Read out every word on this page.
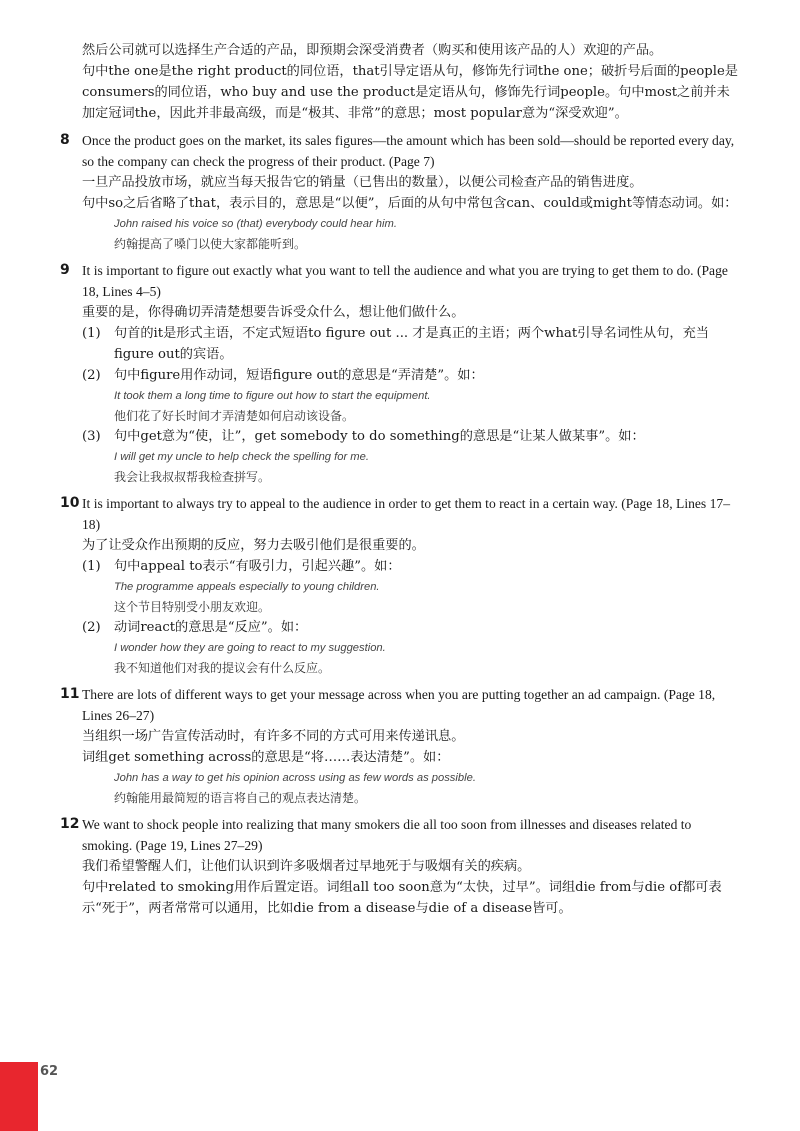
然后公司就可以选择生产合适的产品，即预期会深受消费者（购买和使用该产品的人）欢迎的产品。

句中the one是the right product的同位语，that引导定语从句，修饰先行词the one；破折号后面的people是consumers的同位语，who buy and use the product是定语从句，修饰先行词people。句中most之前并未加定冠词the，因此并非最高级，而是“极其、非常”的意思；most popular意为“深受欢迎”。

8 Once the product goes on the market, its sales figures—the amount which has been sold—should be reported every day, so the company can check the progress of their product. (Page 7)

一旦产品投放市场，就应当每天报告它的销量（已售出的数量），以便公司检查产品的销售进度。

句中so之后省略了that，表示目的，意思是“以便”，后面的从句中常包含can、could或might等情态动词。如：

John raised his voice so (that) everybody could hear him.

约翰提高了嗓门以使大家都能听到。

9 It is important to figure out exactly what you want to tell the audience and what you are trying to get them to do. (Page 18, Lines 4–5)

重要的是，你得确切弄清楚想要告诉受众什么，想让他们做什么。

(1)	句首的it是形式主语，不定式短语to figure out ... 才是真正的主语；两个what引导名词性从句，充当figure out的宾语。
(2)	句中figure用作动词，短语figure out的意思是“弄清楚”。如：

It took them a long time to figure out how to start the equipment.

他们花了好长时间才弄清楚如何启动该设备。

(3)	句中get意为“使，让”，get somebody to do something的意思是“让某人做某事”。如：

I will get my uncle to help check the spelling for me.

我会让我叔叔帮我检查拼写。

10 It is important to always try to appeal to the audience in order to get them to react in a certain way. (Page 18, Lines 17–18)

为了让受众作出预期的反应，努力去吸引他们是很重要的。

(1)	句中appeal to表示“有吸引力，引起兴趣”。如：

The programme appeals especially to young children.

这个节目特别受小朋友欢迎。

(2)	动词react的意思是“反应”。如：

I wonder how they are going to react to my suggestion.

我不知道他们对我的提议会有什么反应。

11 There are lots of different ways to get your message across when you are putting together an ad campaign. (Page 18, Lines 26–27)

当组织一场广告宣传活动时，有许多不同的方式可用来传递讯息。

词组get something across的意思是“将……表达清楚”。如：

John has a way to get his opinion across using as few words as possible.

约翰能用最简短的语言将自己的观点表达清楚。

12 We want to shock people into realizing that many smokers die all too soon from illnesses and diseases related to smoking. (Page 19, Lines 27–29)

我们希望警醒人们，让他们认识到许多吸烟者过早地死于与吸烟有关的疾病。

句中related to smoking用作后置定语。词组all too soon意为“太快，过早”。词组die from与die of都可表示“死于”，两者常常可以通用，比如die from a disease与die of a disease皆可。

62
